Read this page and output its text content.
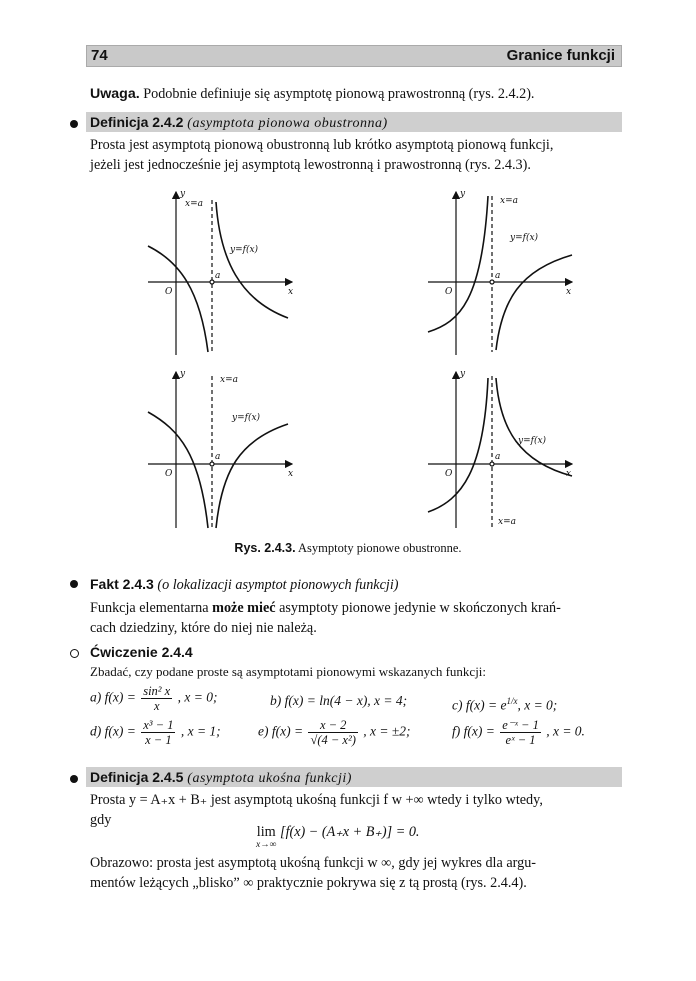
74	Granice funkcji
Uwaga. Podobnie definiuje się asymptotę pionową prawostronną (rys. 2.4.2).
Definicja 2.4.2 (asymptota pionowa obustronna)
Prosta jest asymptotą pionową obustronną lub krótko asymptotą pionową funkcji,
jeżeli jest jednocześnie jej asymptotą lewostronną i prawostronną (rys. 2.4.3).
y
x=a
y=f(x)
a
O	x
y
x=a
y=f(x)
a
O	x
y
x=a
y=f(x)
a
O	x
y
y=f(x)
a
O	x
x=a
Rys. 2.4.3. Asymptoty pionowe obustronne.
Fakt 2.4.3 (o lokalizacji asymptot pionowych funkcji)
Funkcja elementarna może mieć asymptoty pionowe jedynie w skończonych krań-
cach dziedziny, które do niej nie należą.
Ćwiczenie 2.4.4
Zbadać, czy podane proste są asymptotami pionowymi wskazanych funkcji:
a) $f(x) = \frac{\text{sin² x}}{x}$ , x = 0;	b) f(x) = ln(4 − x), x = 4;	c) $f(x) = e^{1/x}$, x = 0;
d) $f(x) = \frac{\text{x³ − 1}}{x - 1}$ , x = 1;	e) $f(x) = \frac{x - 2}{\text{√(4 − x²)}}$ , x = ±2;	f) $f(x) = \frac{\text{e⁻ˣ − 1}}{\text{eˣ − 1}}$ , x = 0.
Definicja 2.4.5 (asymptota ukośna funkcji)
Prosta y = A₊x + B₊ jest asymptotą ukośną funkcji f w +∞ wtedy i tylko wtedy,
gdy
lim
x→∞
[f(x) − (A₊x + B₊)] = 0.
Obrazowo: prosta jest asymptotą ukośną funkcji w ∞, gdy jej wykres dla argu-
mentów leżących „blisko” ∞ praktycznie pokrywa się z tą prostą (rys. 2.4.4).
